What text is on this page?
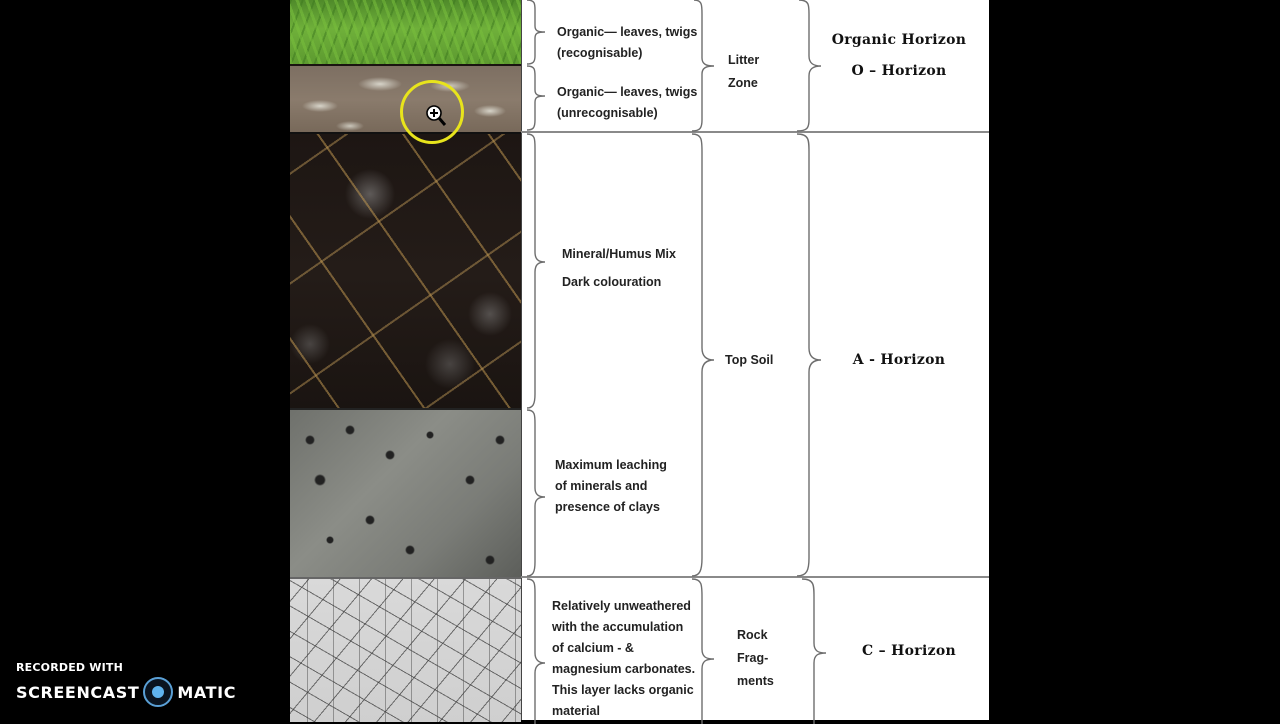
Organic— leaves, twigs
(recognisable)
Organic— leaves, twigs
(unrecognisable)
Mineral/Humus Mix
Dark colouration
Maximum leaching
of minerals and
presence of clays
Relatively unweathered
with the accumulation
of calcium - &
magnesium carbonates.
This layer lacks organic
material
Litter
Zone
Top Soil
Rock
Frag-
ments
Organic Horizon
O – Horizon
A - Horizon
C – Horizon
RECORDED WITH
SCREENCAST MATIC
